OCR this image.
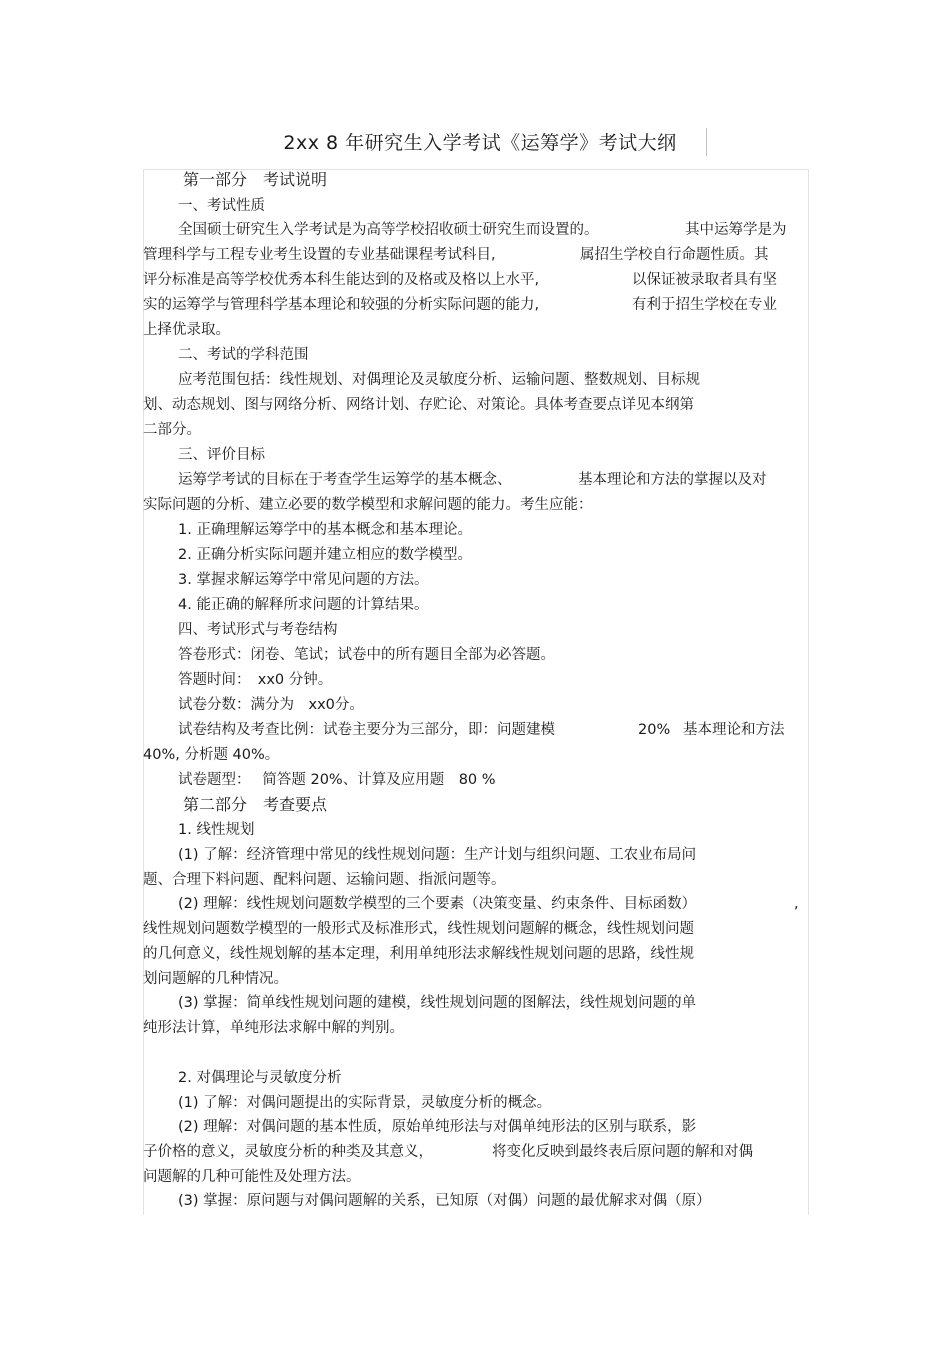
2xx 8 年研究生入学考试《运筹学》考试大纲
第一部分　考试说明
一、考试性质
全国硕士研究生入学考试是为高等学校招收硕士研究生而设置的。	其中运筹学是为
管理科学与工程专业考生设置的专业基础课程考试科目,	属招生学校自行命题性质。其
评分标准是高等学校优秀本科生能达到的及格或及格以上水平,	以保证被录取者具有坚
实的运筹学与管理科学基本理论和较强的分析实际问题的能力,	有利于招生学校在专业
上择优录取。
二、考试的学科范围
应考范围包括：线性规划、对偶理论及灵敏度分析、运输问题、整数规划、目标规
划、动态规划、图与网络分析、网络计划、存贮论、对策论。具体考查要点详见本纲第
二部分。
三、评价目标
运筹学考试的目标在于考查学生运筹学的基本概念、	基本理论和方法的掌握以及对
实际问题的分析、建立必要的数学模型和求解问题的能力。考生应能：
1. 正确理解运筹学中的基本概念和基本理论。
2. 正确分析实际问题并建立相应的数学模型。
3. 掌握求解运筹学中常见问题的方法。
4. 能正确的解释所求问题的计算结果。
四、考试形式与考卷结构
答卷形式：闭卷、笔试；试卷中的所有题目全部为必答题。
答题时间：　xx0 分钟。
试卷分数：满分为　xx0分。
试卷结构及考查比例：试卷主要分为三部分，即：问题建模	20% 基本理论和方法
40%, 分析题 40%。
试卷题型：　 简答题 20%、计算及应用题　80 %
第二部分　考查要点
1. 线性规划
(1) 了解：经济管理中常见的线性规划问题：生产计划与组织问题、工农业布局问
题、合理下料问题、配料问题、运输问题、指派问题等。
(2) 理解：线性规划问题数学模型的三个要素（决策变量、约束条件、目标函数）	,
线性规划问题数学模型的一般形式及标准形式，线性规划问题解的概念，线性规划问题
的几何意义，线性规划解的基本定理，利用单纯形法求解线性规划问题的思路，线性规
划问题解的几种情况。
(3) 掌握：简单线性规划问题的建模，线性规划问题的图解法，线性规划问题的单
纯形法计算，单纯形法求解中解的判别。
2. 对偶理论与灵敏度分析
(1) 了解：对偶问题提出的实际背景，灵敏度分析的概念。
(2) 理解：对偶问题的基本性质，原始单纯形法与对偶单纯形法的区别与联系，影
子价格的意义，灵敏度分析的种类及其意义，	将变化反映到最终表后原问题的解和对偶
问题解的几种可能性及处理方法。
(3) 掌握：原问题与对偶问题解的关系，已知原（对偶）问题的最优解求对偶（原）
